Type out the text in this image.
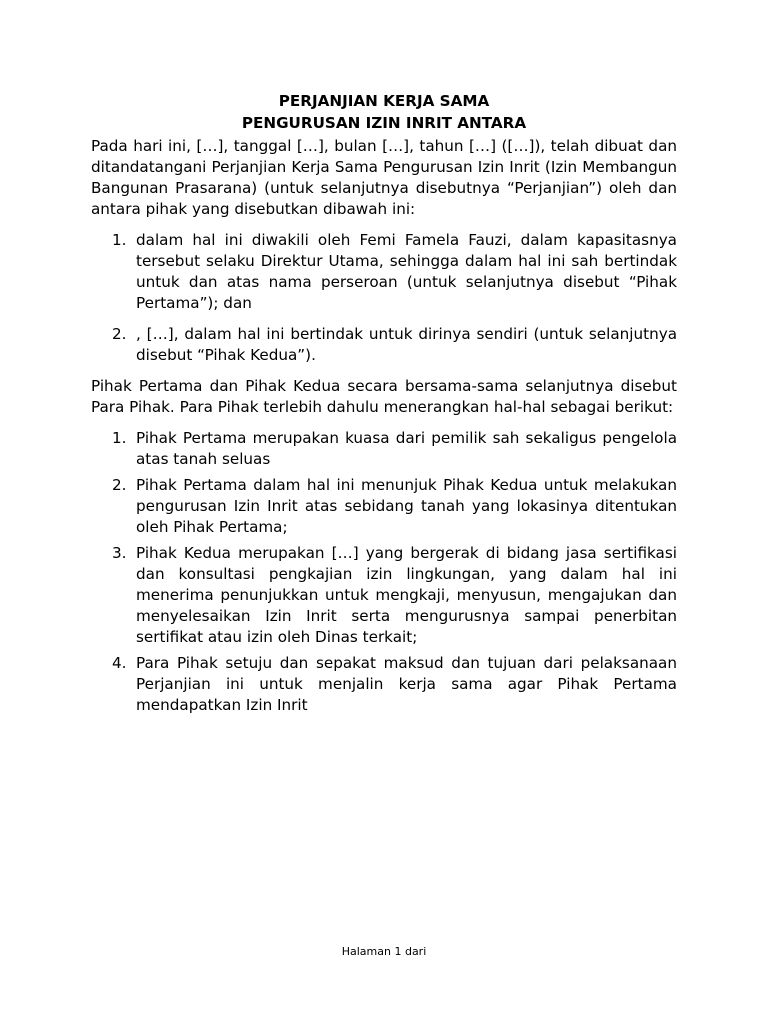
PERJANJIAN KERJA SAMA

PENGURUSAN IZIN INRIT ANTARA

Pada hari ini, […], tanggal […], bulan […], tahun […] ([…]), telah dibuat dan ditandatangani Perjanjian Kerja Sama Pengurusan Izin Inrit (Izin Membangun Bangunan Prasarana) (untuk selanjutnya disebutnya “Perjanjian”) oleh dan antara pihak yang disebutkan dibawah ini:

1. dalam hal ini diwakili oleh Femi Famela Fauzi, dalam kapasitasnya tersebut selaku Direktur Utama, sehingga dalam hal ini sah bertindak untuk dan atas nama perseroan (untuk selanjutnya disebut “Pihak Pertama”); dan
2. , […], dalam hal ini bertindak untuk dirinya sendiri (untuk selanjutnya disebut “Pihak Kedua”).

Pihak Pertama dan Pihak Kedua secara bersama-sama selanjutnya disebut Para Pihak. Para Pihak terlebih dahulu menerangkan hal-hal sebagai berikut:

1. Pihak Pertama merupakan kuasa dari pemilik sah sekaligus pengelola atas tanah seluas
2. Pihak Pertama dalam hal ini menunjuk Pihak Kedua untuk melakukan pengurusan Izin Inrit atas sebidang tanah yang lokasinya ditentukan oleh Pihak Pertama;
3. Pihak Kedua merupakan […] yang bergerak di bidang jasa sertifikasi dan konsultasi pengkajian izin lingkungan, yang dalam hal ini menerima penunjukkan untuk mengkaji, menyusun, mengajukan dan menyelesaikan Izin Inrit serta mengurusnya sampai penerbitan sertifikat atau izin oleh Dinas terkait;
4. Para Pihak setuju dan sepakat maksud dan tujuan dari pelaksanaan Perjanjian ini untuk menjalin kerja sama agar Pihak Pertama mendapatkan Izin Inrit
Halaman 1 dari
